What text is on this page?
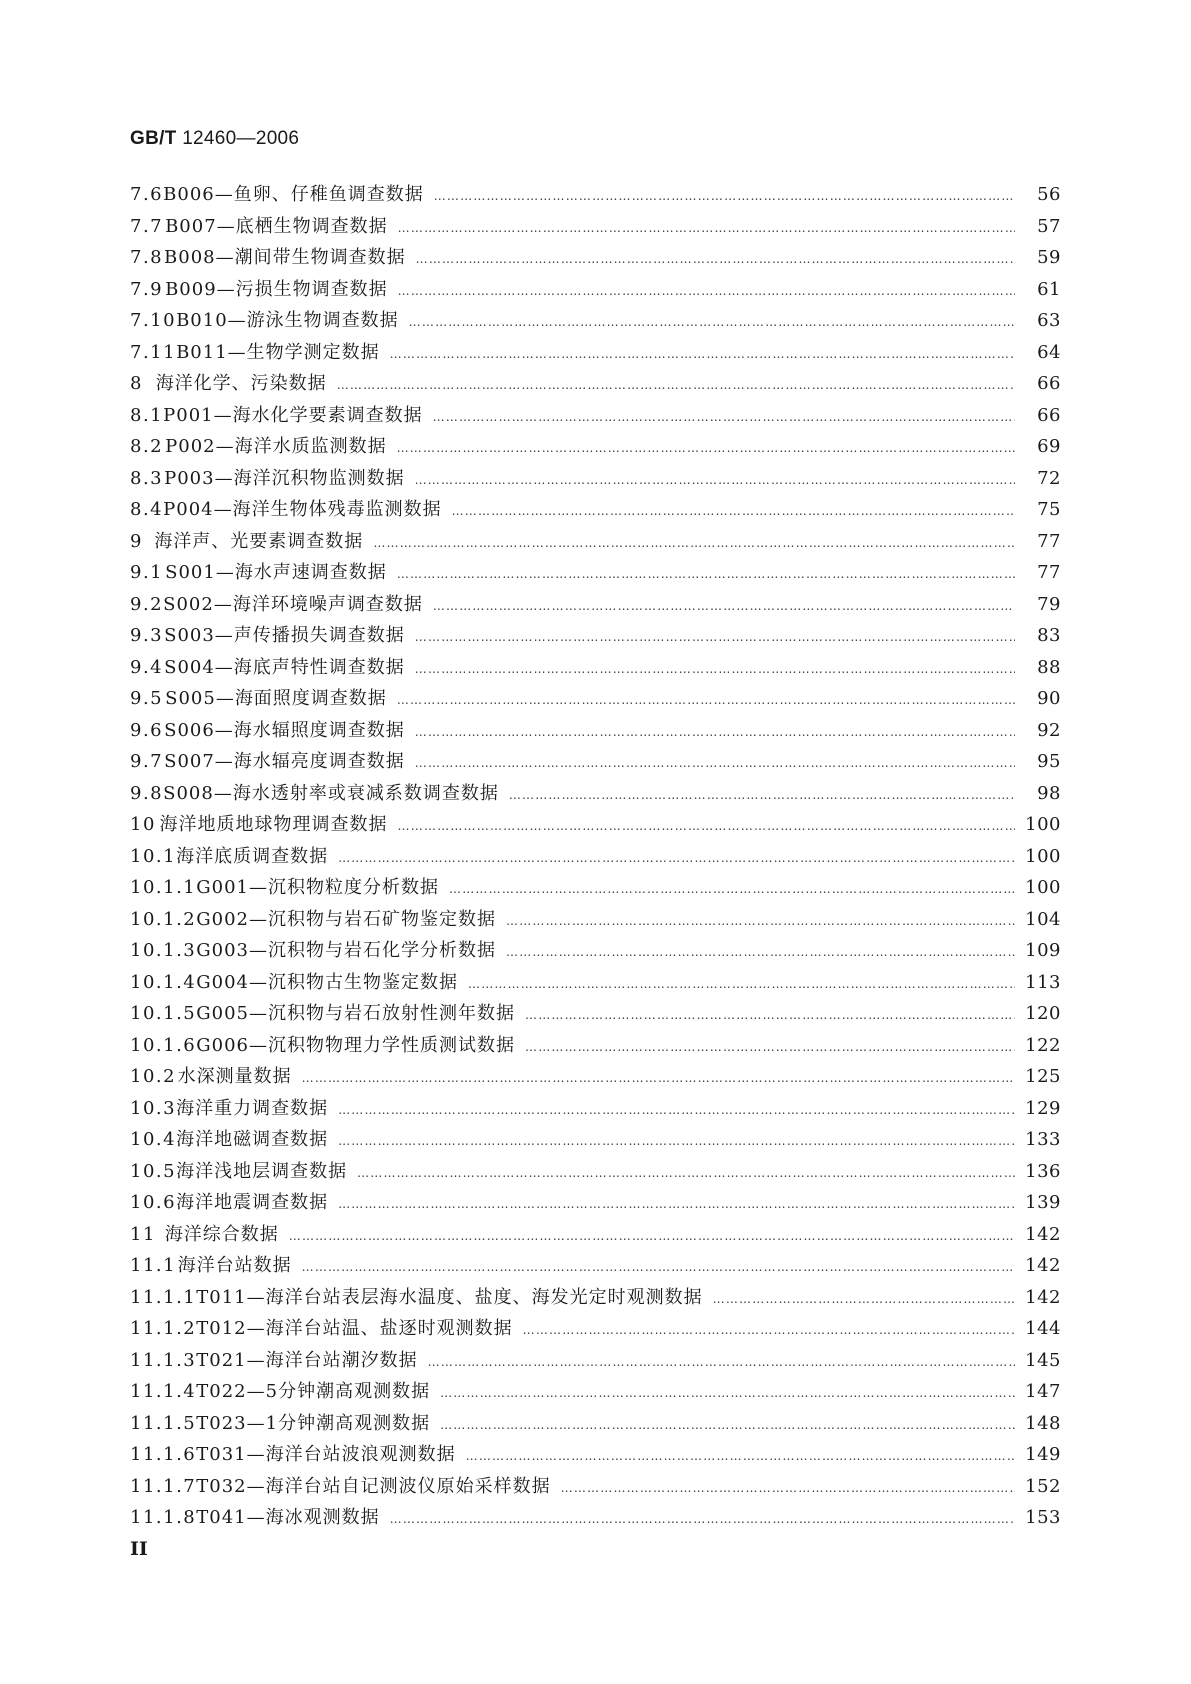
GB/T 12460—2006
7.6 B006—鱼卵、仔稚鱼调查数据 …………………………………………………………………………………………………………………………………………………………………………………………………………	56
7.7 B007—底栖生物调查数据 …………………………………………………………………………………………………………………………………………………………………………………………………………	57
7.8 B008—潮间带生物调查数据 …………………………………………………………………………………………………………………………………………………………………………………………………………	59
7.9 B009—污损生物调查数据 …………………………………………………………………………………………………………………………………………………………………………………………………………	61
7.10 B010—游泳生物调查数据 …………………………………………………………………………………………………………………………………………………………………………………………………………	63
7.11 B011—生物学测定数据 …………………………………………………………………………………………………………………………………………………………………………………………………………	64
8 海洋化学、污染数据 …………………………………………………………………………………………………………………………………………………………………………………………………………	66
8.1 P001—海水化学要素调查数据 …………………………………………………………………………………………………………………………………………………………………………………………………………	66
8.2 P002—海洋水质监测数据 …………………………………………………………………………………………………………………………………………………………………………………………………………	69
8.3 P003—海洋沉积物监测数据 …………………………………………………………………………………………………………………………………………………………………………………………………………	72
8.4 P004—海洋生物体残毒监测数据 …………………………………………………………………………………………………………………………………………………………………………………………………………	75
9 海洋声、光要素调查数据 …………………………………………………………………………………………………………………………………………………………………………………………………………	77
9.1 S001—海水声速调查数据 …………………………………………………………………………………………………………………………………………………………………………………………………………	77
9.2 S002—海洋环境噪声调查数据 …………………………………………………………………………………………………………………………………………………………………………………………………………	79
9.3 S003—声传播损失调查数据 …………………………………………………………………………………………………………………………………………………………………………………………………………	83
9.4 S004—海底声特性调查数据 …………………………………………………………………………………………………………………………………………………………………………………………………………	88
9.5 S005—海面照度调查数据 …………………………………………………………………………………………………………………………………………………………………………………………………………	90
9.6 S006—海水辐照度调查数据 …………………………………………………………………………………………………………………………………………………………………………………………………………	92
9.7 S007—海水辐亮度调查数据 …………………………………………………………………………………………………………………………………………………………………………………………………………	95
9.8 S008—海水透射率或衰减系数调查数据 …………………………………………………………………………………………………………………………………………………………………………………………………………	98
10 海洋地质地球物理调查数据 …………………………………………………………………………………………………………………………………………………………………………………………………………	100
10.1 海洋底质调查数据 …………………………………………………………………………………………………………………………………………………………………………………………………………	100
10.1.1 G001—沉积物粒度分析数据 …………………………………………………………………………………………………………………………………………………………………………………………………………	100
10.1.2 G002—沉积物与岩石矿物鉴定数据 …………………………………………………………………………………………………………………………………………………………………………………………………………	104
10.1.3 G003—沉积物与岩石化学分析数据 …………………………………………………………………………………………………………………………………………………………………………………………………………	109
10.1.4 G004—沉积物古生物鉴定数据 …………………………………………………………………………………………………………………………………………………………………………………………………………	113
10.1.5 G005—沉积物与岩石放射性测年数据 …………………………………………………………………………………………………………………………………………………………………………………………………………	120
10.1.6 G006—沉积物物理力学性质测试数据 …………………………………………………………………………………………………………………………………………………………………………………………………………	122
10.2 水深测量数据 …………………………………………………………………………………………………………………………………………………………………………………………………………	125
10.3 海洋重力调查数据 …………………………………………………………………………………………………………………………………………………………………………………………………………	129
10.4 海洋地磁调查数据 …………………………………………………………………………………………………………………………………………………………………………………………………………	133
10.5 海洋浅地层调查数据 …………………………………………………………………………………………………………………………………………………………………………………………………………	136
10.6 海洋地震调查数据 …………………………………………………………………………………………………………………………………………………………………………………………………………	139
11 海洋综合数据 …………………………………………………………………………………………………………………………………………………………………………………………………………	142
11.1 海洋台站数据 …………………………………………………………………………………………………………………………………………………………………………………………………………	142
11.1.1 T011—海洋台站表层海水温度、盐度、海发光定时观测数据 …………………………………………………………………………………………………………………………………………………………………………………………………………	142
11.1.2 T012—海洋台站温、盐逐时观测数据 …………………………………………………………………………………………………………………………………………………………………………………………………………	144
11.1.3 T021—海洋台站潮汐数据 …………………………………………………………………………………………………………………………………………………………………………………………………………	145
11.1.4 T022—5分钟潮高观测数据 …………………………………………………………………………………………………………………………………………………………………………………………………………	147
11.1.5 T023—1分钟潮高观测数据 …………………………………………………………………………………………………………………………………………………………………………………………………………	148
11.1.6 T031—海洋台站波浪观测数据 …………………………………………………………………………………………………………………………………………………………………………………………………………	149
11.1.7 T032—海洋台站自记测波仪原始采样数据 …………………………………………………………………………………………………………………………………………………………………………………………………………	152
11.1.8 T041—海冰观测数据 …………………………………………………………………………………………………………………………………………………………………………………………………………	153
II
